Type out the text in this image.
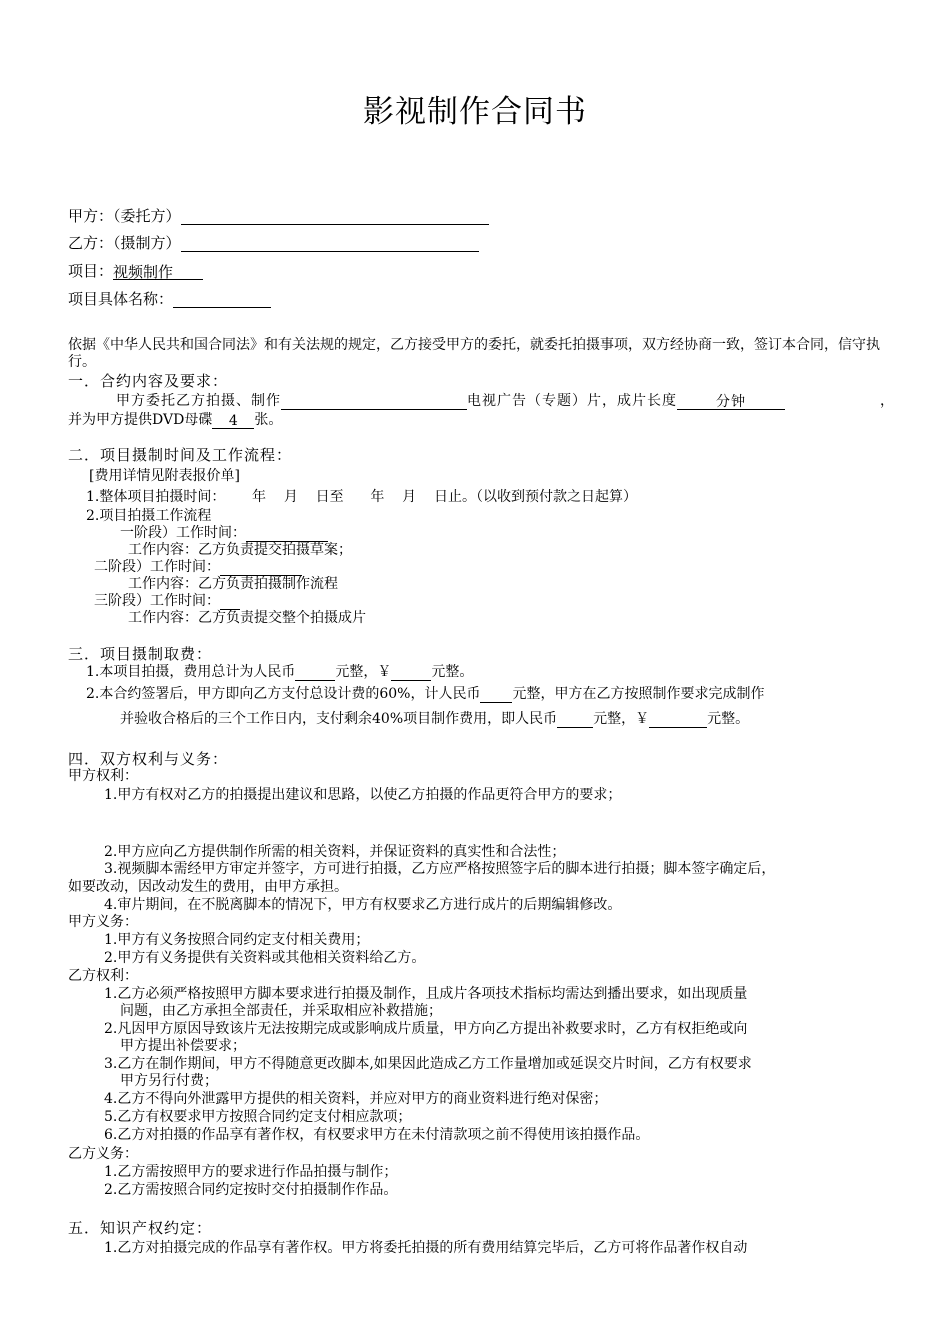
影视制作合同书
甲方：（委托方）
乙方：（摄制方）
项目：视频制作
项目具体名称：
依据《中华人民共和国合同法》和有关法规的规定，乙方接受甲方的委托，就委托拍摄事项，双方经协商一致，签订本合同，信守执行。
一．合约内容及要求：
甲方委托乙方拍摄、制作	电视广告（专题）片，成片长度	分钟	，
并为甲方提供DVD母碟 4 张。
二．项目摄制时间及工作流程：
[费用详情见附表报价单]
1.整体项目拍摄时间：      年    月    日至      年    月    日止。（以收到预付款之日起算）
2.项目拍摄工作流程
一阶段）工作时间：
工作内容：乙方负责提交拍摄草案；
二阶段）工作时间：
工作内容：乙方负责拍摄制作流程
三阶段）工作时间：
工作内容：乙方负责提交整个拍摄成片
三．项目摄制取费：
1.本项目拍摄，费用总计为人民币	元整，￥	元整。
2.本合约签署后，甲方即向乙方支付总设计费的60%，计人民币 元整，甲方在乙方按照制作要求完成制作
并验收合格后的三个工作日内，支付剩余40%项目制作费用，即人民币	元整，￥	元整。
四．双方权利与义务：
甲方权利：
1.甲方有权对乙方的拍摄提出建议和思路，以使乙方拍摄的作品更符合甲方的要求；
2.甲方应向乙方提供制作所需的相关资料，并保证资料的真实性和合法性；
3.视频脚本需经甲方审定并签字，方可进行拍摄，乙方应严格按照签字后的脚本进行拍摄；脚本签字确定后，
如要改动，因改动发生的费用，由甲方承担。
4.审片期间，在不脱离脚本的情况下，甲方有权要求乙方进行成片的后期编辑修改。
甲方义务：
1.甲方有义务按照合同约定支付相关费用；
2.甲方有义务提供有关资料或其他相关资料给乙方。
乙方权利：
1.乙方必须严格按照甲方脚本要求进行拍摄及制作，且成片各项技术指标均需达到播出要求，如出现质量
问题，由乙方承担全部责任，并采取相应补救措施；
2.凡因甲方原因导致该片无法按期完成或影响成片质量，甲方向乙方提出补救要求时，乙方有权拒绝或向
甲方提出补偿要求；
3.乙方在制作期间，甲方不得随意更改脚本,如果因此造成乙方工作量增加或延误交片时间，乙方有权要求
甲方另行付费；
4.乙方不得向外泄露甲方提供的相关资料，并应对甲方的商业资料进行绝对保密；
5.乙方有权要求甲方按照合同约定支付相应款项；
6.乙方对拍摄的作品享有著作权，有权要求甲方在未付清款项之前不得使用该拍摄作品。
乙方义务：
1.乙方需按照甲方的要求进行作品拍摄与制作；
2.乙方需按照合同约定按时交付拍摄制作作品。
五．知识产权约定：
1.乙方对拍摄完成的作品享有著作权。甲方将委托拍摄的所有费用结算完毕后，乙方可将作品著作权自动
